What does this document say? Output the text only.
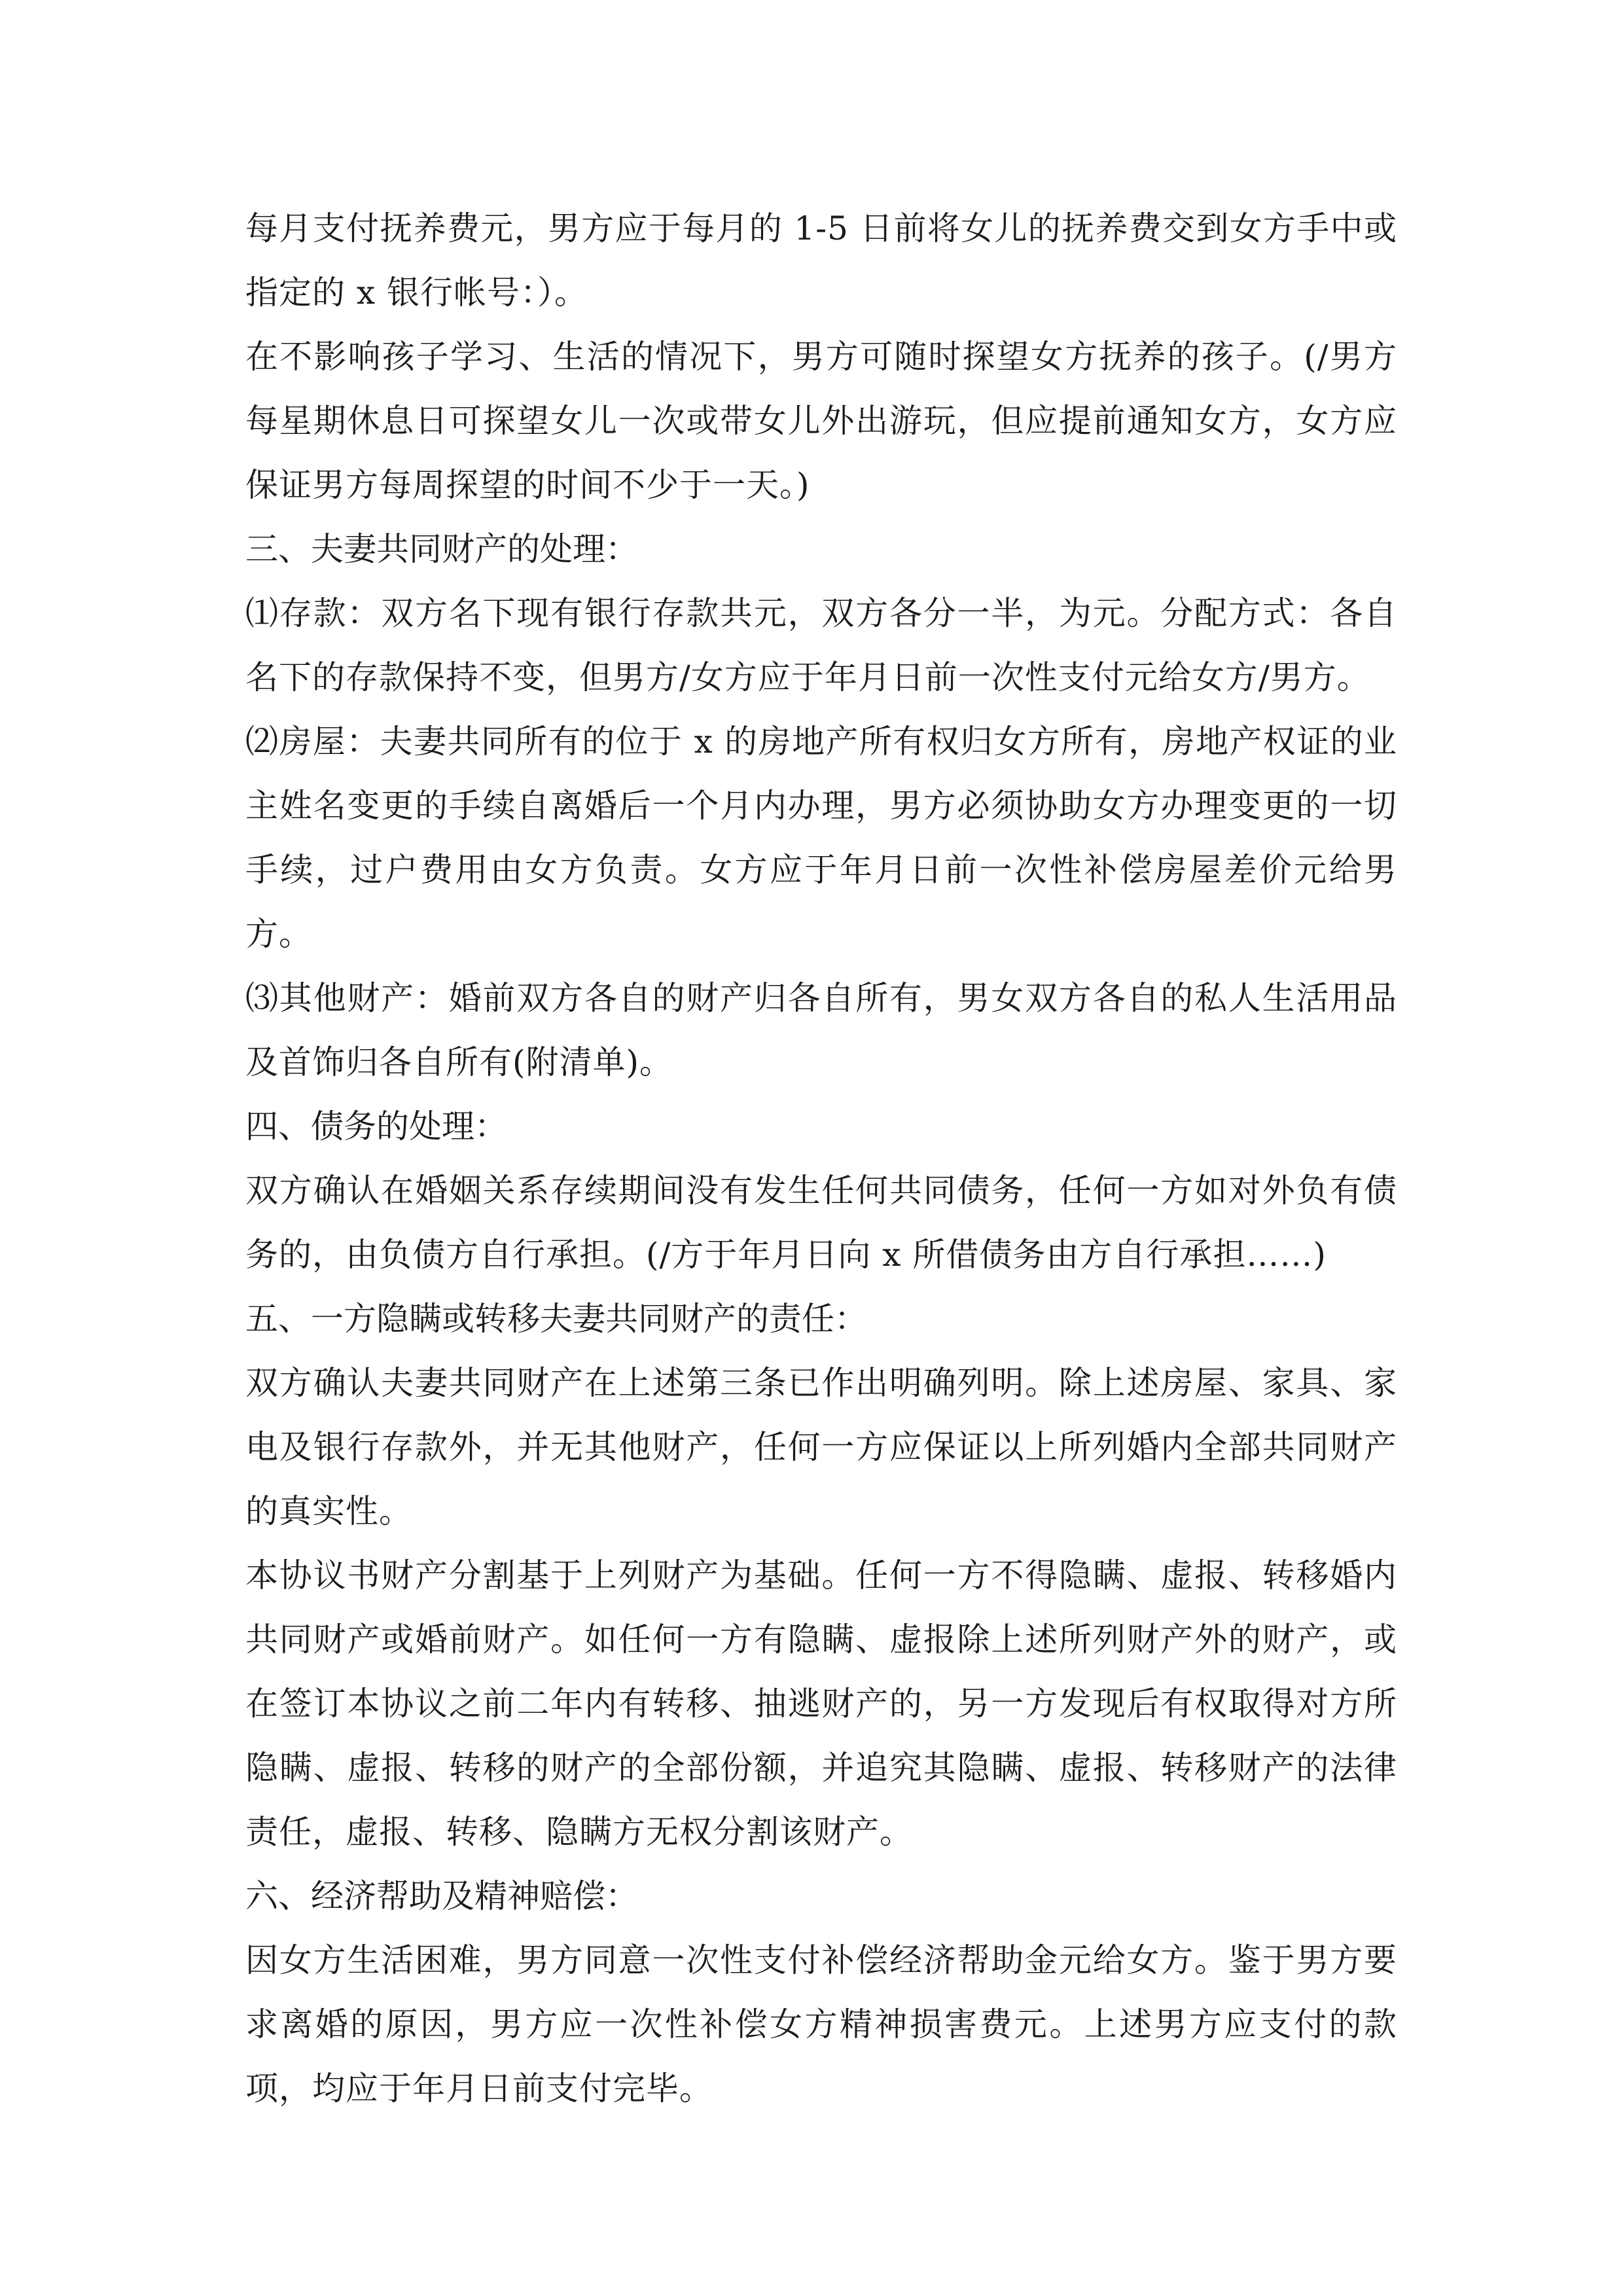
每月支付抚养费元，男方应于每月的 1-5 日前将女儿的抚养费交到女方手中或指定的 x 银行帐号：）。

在不影响孩子学习、生活的情况下，男方可随时探望女方抚养的孩子。(/男方每星期休息日可探望女儿一次或带女儿外出游玩，但应提前通知女方，女方应保证男方每周探望的时间不少于一天。)

三、夫妻共同财产的处理：

⑴存款：双方名下现有银行存款共元，双方各分一半，为元。分配方式：各自名下的存款保持不变，但男方/女方应于年月日前一次性支付元给女方/男方。

⑵房屋：夫妻共同所有的位于 x 的房地产所有权归女方所有，房地产权证的业主姓名变更的手续自离婚后一个月内办理，男方必须协助女方办理变更的一切手续，过户费用由女方负责。女方应于年月日前一次性补偿房屋差价元给男方。

⑶其他财产：婚前双方各自的财产归各自所有，男女双方各自的私人生活用品及首饰归各自所有(附清单)。

四、债务的处理：

双方确认在婚姻关系存续期间没有发生任何共同债务，任何一方如对外负有债务的，由负债方自行承担。(/方于年月日向 x 所借债务由方自行承担……)

五、一方隐瞒或转移夫妻共同财产的责任：

双方确认夫妻共同财产在上述第三条已作出明确列明。除上述房屋、家具、家电及银行存款外，并无其他财产，任何一方应保证以上所列婚内全部共同财产的真实性。

本协议书财产分割基于上列财产为基础。任何一方不得隐瞒、虚报、转移婚内共同财产或婚前财产。如任何一方有隐瞒、虚报除上述所列财产外的财产，或在签订本协议之前二年内有转移、抽逃财产的，另一方发现后有权取得对方所隐瞒、虚报、转移的财产的全部份额，并追究其隐瞒、虚报、转移财产的法律责任，虚报、转移、隐瞒方无权分割该财产。

六、经济帮助及精神赔偿：

因女方生活困难，男方同意一次性支付补偿经济帮助金元给女方。鉴于男方要求离婚的原因，男方应一次性补偿女方精神损害费元。上述男方应支付的款项，均应于年月日前支付完毕。
